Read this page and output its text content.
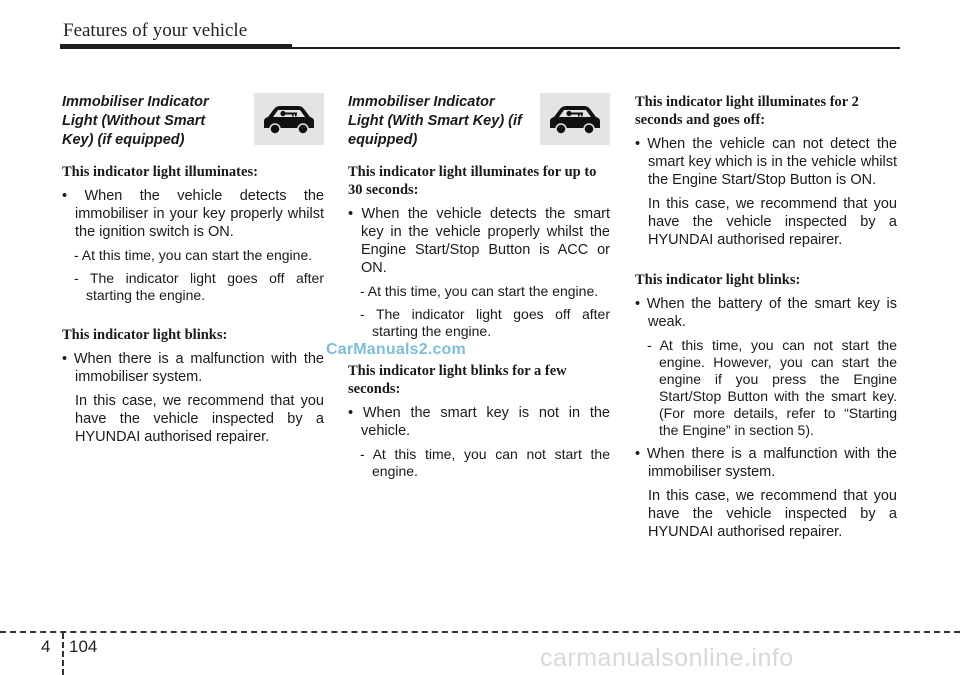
Features of your vehicle
Immobiliser Indicator Light (Without Smart Key) (if equipped)

This indicator light illuminates:

• When the vehicle detects the immobiliser in your key properly whilst the ignition switch is ON.
- At this time, you can start the engine.
- The indicator light goes off after starting the engine.

This indicator light blinks:

• When there is a malfunction with the immobiliser system.
In this case, we recommend that you have the vehicle inspected by a HYUNDAI authorised repairer.
Immobiliser Indicator Light (With Smart Key) (if equipped)

This indicator light illuminates for up to 30 seconds:

• When the vehicle detects the smart key in the vehicle properly whilst the Engine Start/Stop Button is ACC or ON.
- At this time, you can start the engine.
- The indicator light goes off after starting the engine.

This indicator light blinks for a few seconds:

• When the smart key is not in the vehicle.
- At this time, you can not start the engine.

This indicator light illuminates for 2 seconds and goes off:

• When the vehicle can not detect the smart key which is in the vehicle whilst the Engine Start/Stop Button is ON.
In this case, we recommend that you have the vehicle inspected by a HYUNDAI authorised repairer.

This indicator light blinks:

• When the battery of the smart key is weak.
- At this time, you can not start the engine. However, you can start the engine if you press the Engine Start/Stop Button with the smart key. (For more details, refer to “Starting the Engine” in section 5).
• When there is a malfunction with the immobiliser system.
In this case, we recommend that you have the vehicle inspected by a HYUNDAI authorised repairer.
CarManuals2.com
4 104	carmanualsonline.info
